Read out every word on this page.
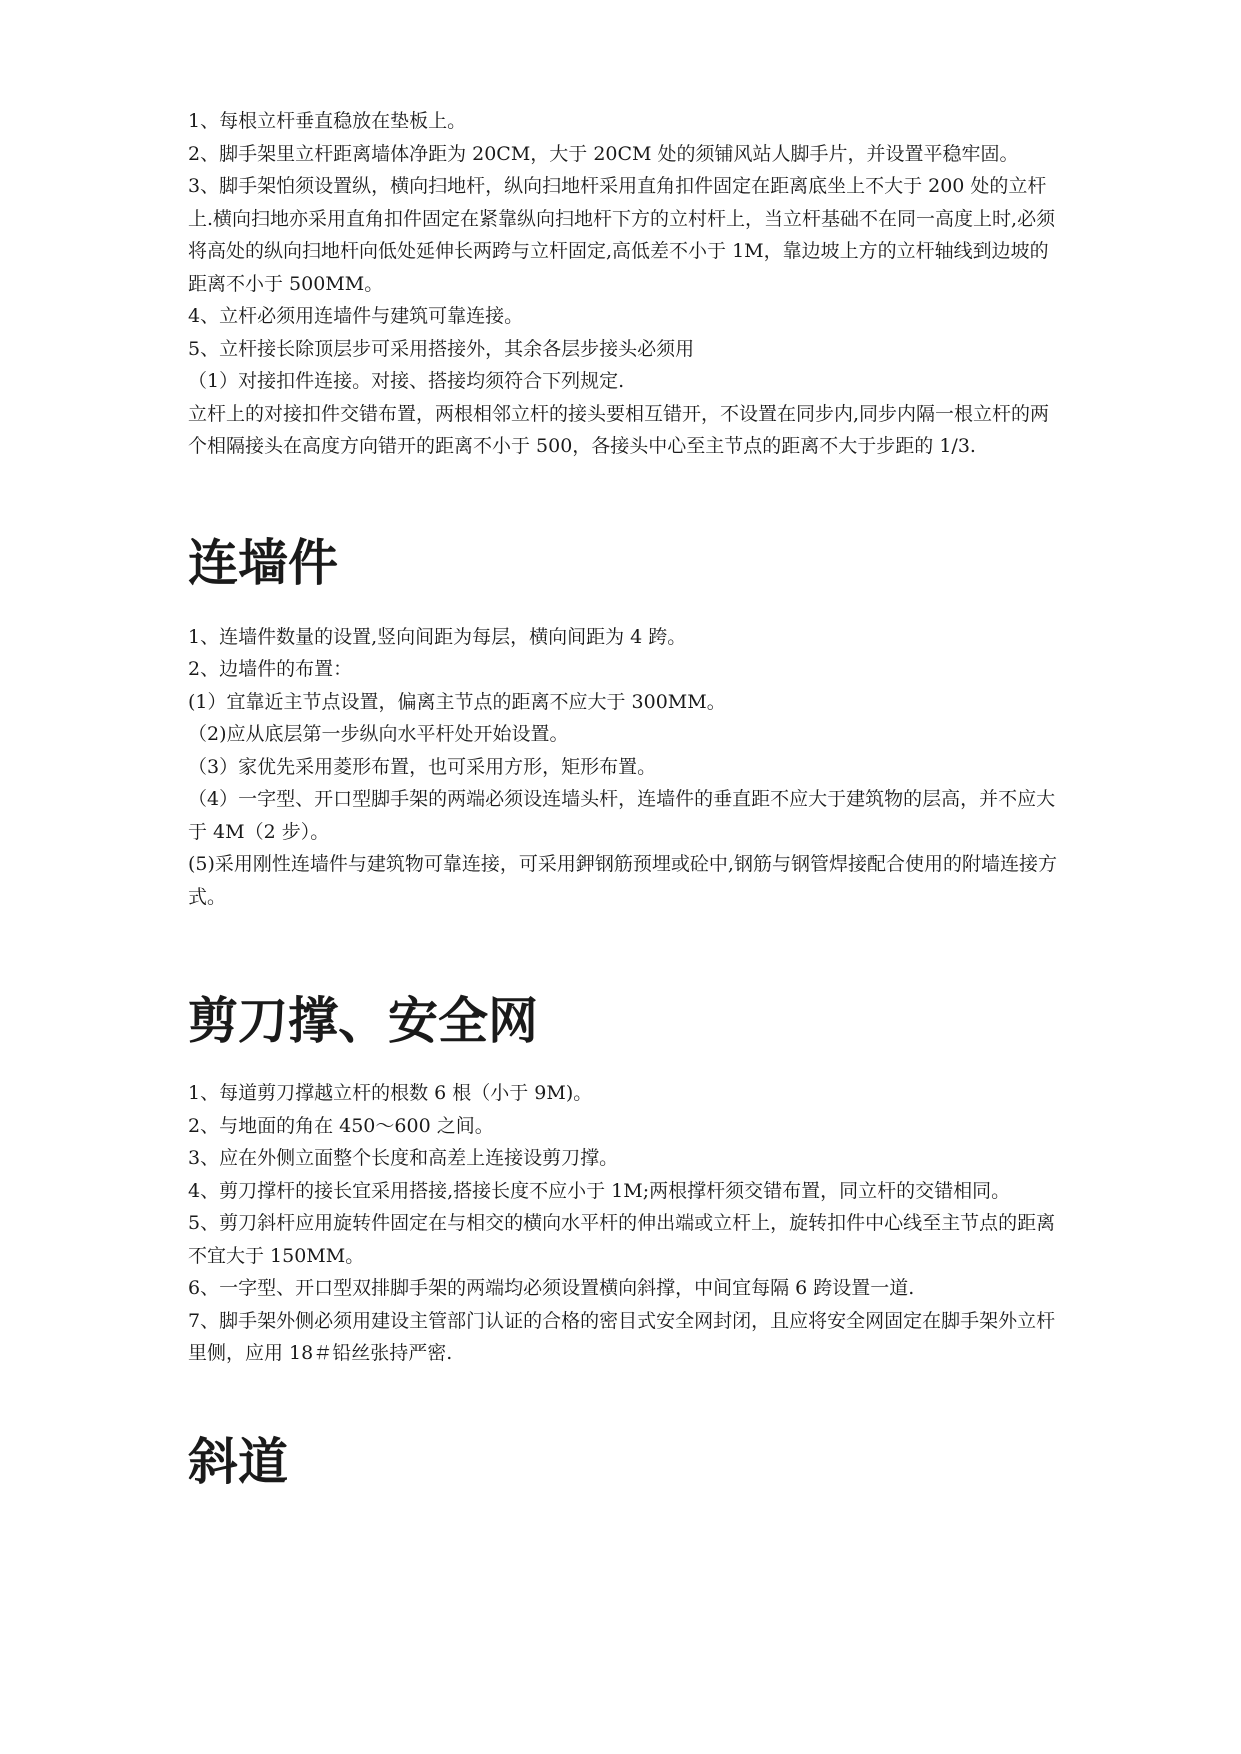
1、每根立杆垂直稳放在垫板上。

2、脚手架里立杆距离墙体净距为 20CM，大于 20CM 处的须铺风站人脚手片，并设置平稳牢固。

3、脚手架怕须设置纵，横向扫地杆，纵向扫地杆采用直角扣件固定在距离底坐上不大于 200 处的立杆上.横向扫地亦采用直角扣件固定在紧靠纵向扫地杆下方的立村杆上，当立杆基础不在同一高度上时,必须将高处的纵向扫地杆向低处延伸长两跨与立杆固定,高低差不小于 1M，靠边坡上方的立杆轴线到边坡的距离不小于 500MM。

4、立杆必须用连墙件与建筑可靠连接。

5、立杆接长除顶层步可采用搭接外，其余各层步接头必须用

（1）对接扣件连接。对接、搭接均须符合下列规定.

立杆上的对接扣件交错布置，两根相邻立杆的接头要相互错开，不设置在同步内,同步内隔一根立杆的两个相隔接头在高度方向错开的距离不小于 500，各接头中心至主节点的距离不大于步距的 1/3.

连墙件

1、连墙件数量的设置,竖向间距为每层，横向间距为 4 跨。

2、边墙件的布置：

(1）宜靠近主节点设置，偏离主节点的距离不应大于 300MM。

（2)应从底层第一步纵向水平杆处开始设置。

（3）家优先采用菱形布置，也可采用方形，矩形布置。

（4）一字型、开口型脚手架的两端必须设连墙头杆，连墙件的垂直距不应大于建筑物的层高，并不应大于 4M（2 步）。

(5)采用刚性连墙件与建筑物可靠连接，可采用鉀钢筋预埋或砼中,钢筋与钢管焊接配合使用的附墙连接方式。

剪刀撑、安全网

1、每道剪刀撑越立杆的根数 6 根（小于 9M)。

2、与地面的角在 450～600 之间。

3、应在外侧立面整个长度和高差上连接设剪刀撑。

4、剪刀撑杆的接长宜采用搭接,搭接长度不应小于 1M;两根撑杆须交错布置，同立杆的交错相同。

5、剪刀斜杆应用旋转件固定在与相交的横向水平杆的伸出端或立杆上，旋转扣件中心线至主节点的距离不宜大于 150MM。

6、一字型、开口型双排脚手架的两端均必须设置横向斜撑，中间宜每隔 6 跨设置一道.

7、脚手架外侧必须用建设主管部门认证的合格的密目式安全网封闭，且应将安全网固定在脚手架外立杆里侧，应用 18＃铅丝张持严密.

斜道
